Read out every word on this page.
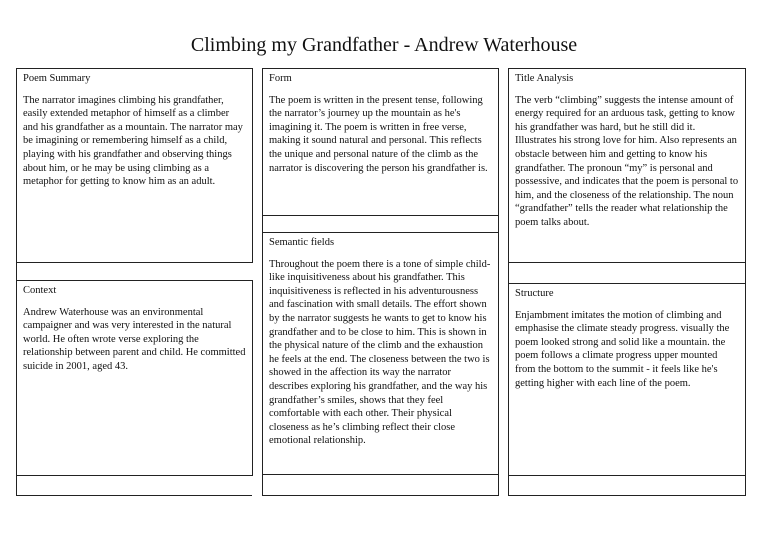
Climbing my Grandfather - Andrew Waterhouse
Poem Summary
The narrator imagines climbing his grandfather, easily extended metaphor of himself as a climber and his grandfather as a mountain. The narrator may be imagining or remembering himself as a child, playing with his grandfather and observing things about him, or he may be using climbing as a metaphor for getting to know him as an adult.
Form
The poem is written in the present tense, following the narrator’s journey up the mountain as he's imagining it. The poem is written in free verse, making it sound natural and personal. This reflects the unique and personal nature of the climb as the narrator is discovering the person his grandfather is.
Title Analysis
The verb “climbing” suggests the intense amount of energy required for an arduous task, getting to know his grandfather was hard, but he still did it. Illustrates his strong love for him. Also represents an obstacle between him and getting to know his grandfather. The pronoun “my” is personal and possessive, and indicates that the poem is personal to him, and the closeness of the relationship. The noun “grandfather” tells the reader what relationship the poem talks about.
Semantic fields
Throughout the poem there is a tone of simple child-like inquisitiveness about his grandfather. This inquisitiveness is reflected in his adventurousness and fascination with small details. The effort shown by the narrator suggests he wants to get to know his grandfather and to be close to him. This is shown in the physical nature of the climb and the exhaustion he feels at the end. The closeness between the two is showed in the affection its way the narrator describes exploring his grandfather, and the way his grandfather’s smiles, shows that they feel comfortable with each other. Their physical closeness as he’s climbing reflect their close emotional relationship.
Context
Andrew Waterhouse was an environmental campaigner and was very interested in the natural world. He often wrote verse exploring the relationship between parent and child. He committed suicide in 2001, aged 43.
Structure
Enjambment imitates the motion of climbing and emphasise the climate steady progress. visually the poem looked strong and solid like a mountain. the poem follows a climate progress upper mounted from the bottom to the summit - it feels like he's getting higher with each line of the poem.
